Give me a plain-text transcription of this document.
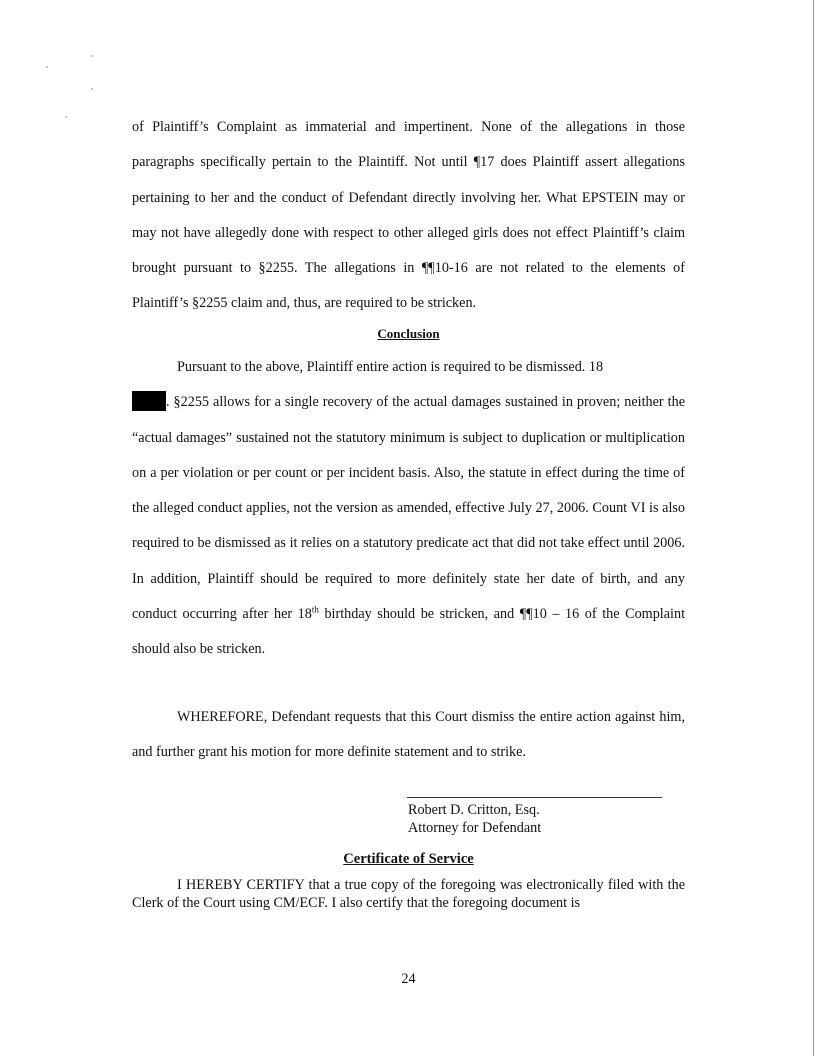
of Plaintiff’s Complaint as immaterial and impertinent. None of the allegations in those paragraphs specifically pertain to the Plaintiff. Not until ¶17 does Plaintiff assert allegations pertaining to her and the conduct of Defendant directly involving her. What EPSTEIN may or may not have allegedly done with respect to other alleged girls does not effect Plaintiff’s claim brought pursuant to §2255. The allegations in ¶¶10-16 are not related to the elements of Plaintiff’s §2255 claim and, thus, are required to be stricken.

Conclusion

Pursuant to the above, Plaintiff entire action is required to be dismissed. 18
. §2255 allows for a single recovery of the actual damages sustained in proven; neither the “actual damages” sustained not the statutory minimum is subject to duplication or multiplication on a per violation or per count or per incident basis. Also, the statute in effect during the time of the alleged conduct applies, not the version as amended, effective July 27, 2006. Count VI is also required to be dismissed as it relies on a statutory predicate act that did not take effect until 2006. In addition, Plaintiff should be required to more definitely state her date of birth, and any conduct occurring after her 18th birthday should be stricken, and ¶¶10 – 16 of the Complaint should also be stricken.

WHEREFORE, Defendant requests that this Court dismiss the entire action against him, and further grant his motion for more definite statement and to strike.

Robert D. Critton, Esq.
Attorney for Defendant
Certificate of Service

I HEREBY CERTIFY that a true copy of the foregoing was electronically filed with the Clerk of the Court using CM/ECF. I also certify that the foregoing document is

24
